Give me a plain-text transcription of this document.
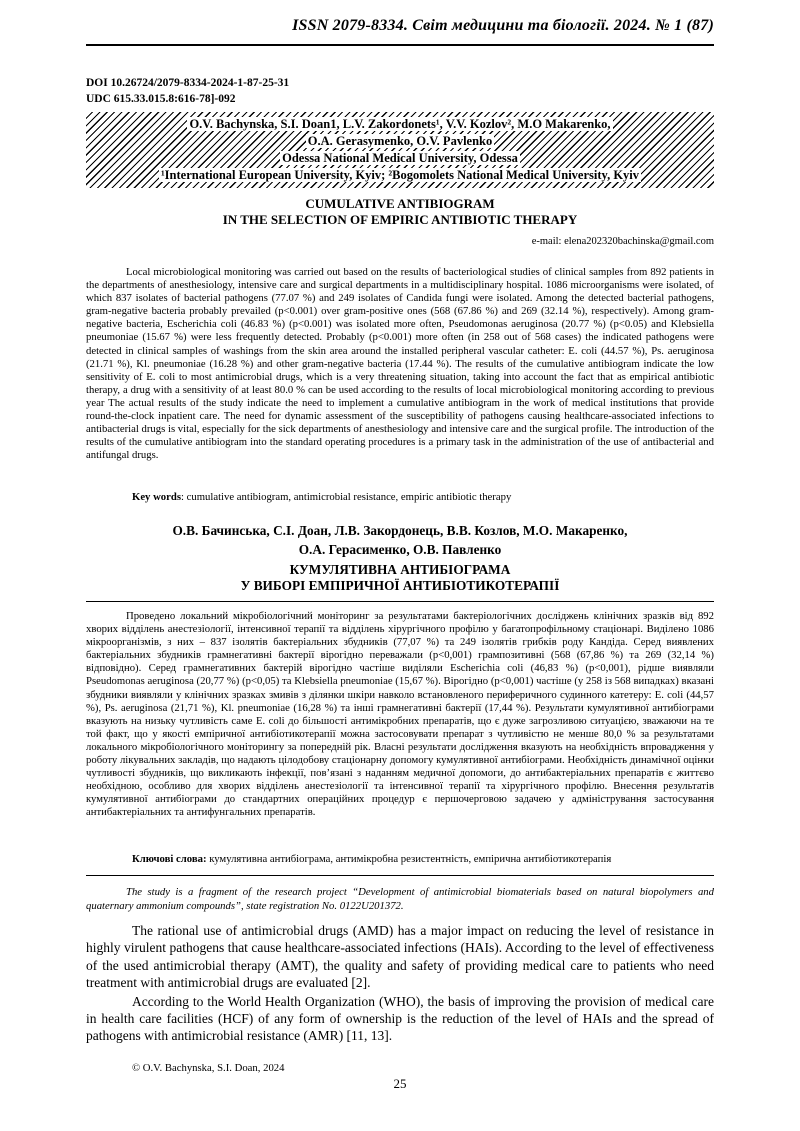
ISSN 2079-8334. Світ медицини та біології. 2024. № 1 (87)
DOI 10.26724/2079-8334-2024-1-87-25-31
UDC 615.33.015.8:616-78]-092
O.V. Bachynska, S.I. Doan1, L.V. Zakordonets¹, V.V. Kozlov², M.O Makarenko,
O.A. Gerasymenko, O.V. Pavlenko
Odessa National Medical University, Odessa
¹International European University, Kyiv; ²Bogomolets National Medical University, Kyiv
CUMULATIVE ANTIBIOGRAM
IN THE SELECTION OF EMPIRIC ANTIBIOTIC THERAPY
e-mail: elena202320bachinska@gmail.com

Local microbiological monitoring was carried out based on the results of bacteriological studies of clinical samples from 892 patients in the departments of anesthesiology, intensive care and surgical departments in a multidisciplinary hospital. 1086 microorganisms were isolated, of which 837 isolates of bacterial pathogens (77.07 %) and 249 isolates of Candida fungi were isolated. Among the detected bacterial pathogens, gram-negative bacteria probably prevailed (p<0.001) over gram-positive ones (568 (67.86 %) and 269 (32.14 %), respectively). Among gram-negative bacteria, Escherichia coli (46.83 %) (p<0.001) was isolated more often, Pseudomonas aeruginosa (20.77 %) (p<0.05) and Klebsiella pneumoniae (15.67 %) were less frequently detected. Probably (p<0.001) more often (in 258 out of 568 cases) the indicated pathogens were detected in clinical samples of washings from the skin area around the installed peripheral vascular catheter: E. coli (44.57 %), Ps. aeruginosa (21.71 %), Kl. pneumoniae (16.28 %) and other gram-negative bacteria (17.44 %). The results of the cumulative antibiogram indicate the low sensitivity of E. coli to most antimicrobial drugs, which is a very threatening situation, taking into account the fact that as empirical antibiotic therapy, a drug with a sensitivity of at least 80.0 % can be used according to the results of local microbiological monitoring according to previous year The actual results of the study indicate the need to implement a cumulative antibiogram in the work of medical institutions that provide round-the-clock inpatient care. The need for dynamic assessment of the susceptibility of pathogens causing healthcare-associated infections to antibacterial drugs is vital, especially for the sick departments of anesthesiology and intensive care and the surgical profile. The introduction of the results of the cumulative antibiogram into the standard operating procedures is a primary task in the administration of the use of antibacterial and antifungal drugs.

Key words: cumulative antibiogram, antimicrobial resistance, empiric antibiotic therapy
О.В. Бачинська, С.І. Доан, Л.В. Закордонець, В.В. Козлов, М.О. Макаренко,
О.А. Герасименко, О.В. Павленко
КУМУЛЯТИВНА АНТИБІОГРАМА
У ВИБОРІ ЕМПІРИЧНОЇ АНТИБІОТИКОТЕРАПІЇ

Проведено локальний мікробіологічний моніторинг за результатами бактеріологічних досліджень клінічних зразків від 892 хворих відділень анестезіології, інтенсивної терапії та відділень хірургічного профілю у багатопрофільному стаціонарі. Виділено 1086 мікроорганізмів, з них – 837 ізолятів бактеріальних збудників (77,07 %) та 249 ізолятів грибків роду Кандіда. Серед виявлених бактеріальних збудників грамнегативні бактерії вірогідно переважали (р<0,001) грампозитивні (568 (67,86 %) та 269 (32,14 %) відповідно). Серед грамнегативних бактерій вірогідно частіше виділяли Escherichia coli (46,83 %) (р<0,001), рідше виявляли Pseudomonas aeruginosa (20,77 %) (р<0,05) та Klebsiella pneumoniae (15,67 %). Вірогідно (р<0,001) частіше (у 258 із 568 випадках) вказані збудники виявляли у клінічних зразках змивів з ділянки шкіри навколо встановленого периферичного судинного катетеру: E. coli (44,57 %), Ps. aeruginosa (21,71 %), Kl. pneumoniae (16,28 %) та інші грамнегативні бактерії (17,44 %). Результати кумулятивної антибіограми вказують на низьку чутливість саме E. coli до більшості антимікробних препаратів, що є дуже загрозливою ситуацією, зважаючи на те той факт, що у якості емпіричної антибіотикотерапії можна застосовувати препарат з чутливістю не менше 80,0 % за результатами локального мікробіологічного моніторингу за попередній рік. Власні результати дослідження вказують на необхідність впровадження у роботу лікувальних закладів, що надають цілодобову стаціонарну допомогу кумулятивної антибіограми. Необхідність динамічної оцінки чутливості збудників, що викликають інфекції, пов’язані з наданням медичної допомоги, до антибактеріальних препаратів є життєво необхідною, особливо для хворих відділень анестезіології та інтенсивної терапії та хірургічного профілю. Внесення результатів кумулятивної антибіограми до стандартних операційних процедур є першочерговою задачею у адміністрування застосування антибактеріальних та антифунгальних препаратів.

Ключові слова: кумулятивна антибіограма, антимікробна резистентність, емпірична антибіотикотерапія

The study is a fragment of the research project “Development of antimicrobial biomaterials based on natural biopolymers and quaternary ammonium compounds”, state registration No. 0122U201372.

The rational use of antimicrobial drugs (AMD) has a major impact on reducing the level of resistance in highly virulent pathogens that cause healthcare-associated infections (HAIs). According to the level of effectiveness of the used antimicrobial therapy (AMT), the quality and safety of providing medical care to patients who need treatment with antimicrobial drugs are evaluated [2].

According to the World Health Organization (WHO), the basis of improving the provision of medical care in health care facilities (HCF) of any form of ownership is the reduction of the level of HAIs and the spread of pathogens with antimicrobial resistance (AMR) [11, 13].

© O.V. Bachynska, S.I. Doan, 2024
25
